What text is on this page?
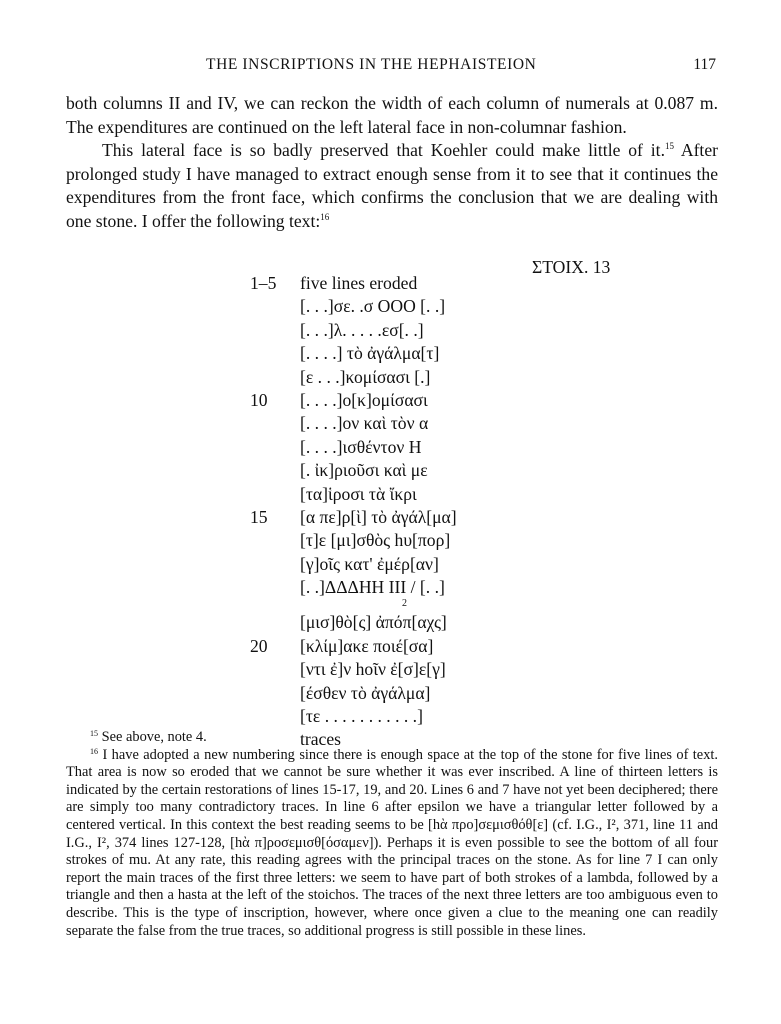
THE INSCRIPTIONS IN THE HEPHAISTEION	117

both columns II and IV, we can reckon the width of each column of numerals at 0.087 m. The expenditures are continued on the left lateral face in non-columnar fashion.

This lateral face is so badly preserved that Koehler could make little of it.$^{15}$ After prolonged study I have managed to extract enough sense from it to see that it continues the expenditures from the front face, which confirms the conclusion that we are dealing with one stone. I offer the following text:$^{16}$

ΣΤΟΙΧ. 13
1–5	five lines eroded
[. . .]σε. .σ ΟΟΟ [. .]
[. . .]λ. . . . .εσ[. .]
[. . . .] τὸ ἀγάλμα[τ]
[ε . . .]κομίσασι [.]
10	[. . . .]ο[κ]ομίσασι
[. . . .]ον καὶ τὸν α
[. . . .]ισθέντον Η
[. ἰκ]ριοῦσι καὶ με
[τα]ἱροσι τὰ ἴκρι
15	[α πε]ρ[ὶ] τὸ ἀγάλ[μα]
[τ]ε [μι]σθὸς hυ[πορ]
[γ]οῖς κατ' ἐμέρ[αν]
[. .]ΔΔΔΗΗ ΙΙΙ / [. .]
2
[μισ]θὸ[ς] ἀπόπ[αχς]
20	[κλίμ]ακε ποιέ[σα]
[ντι ἐ]ν hοῖν ἐ[σ]ε[γ]
[έσθεν τὸ ἀγάλμα]
[τε . . . . . . . . . . .]
traces

$^{15}$ See above, note 4.

$^{16}$ I have adopted a new numbering since there is enough space at the top of the stone for five lines of text. That area is now so eroded that we cannot be sure whether it was ever inscribed. A line of thirteen letters is indicated by the certain restorations of lines 15-17, 19, and 20. Lines 6 and 7 have not yet been deciphered; there are simply too many contradictory traces. In line 6 after epsilon we have a triangular letter followed by a centered vertical. In this context the best reading seems to be [hὰ προ]σεμισθόθ[ε] (cf. I.G., I², 371, line 11 and I.G., I², 374 lines 127-128, [hὰ π]ροσεμισθ[όσαμεν]). Perhaps it is even possible to see the bottom of all four strokes of mu. At any rate, this reading agrees with the principal traces on the stone. As for line 7 I can only report the main traces of the first three letters: we seem to have part of both strokes of a lambda, followed by a triangle and then a hasta at the left of the stoichos. The traces of the next three letters are too ambiguous even to describe. This is the type of inscription, however, where once given a clue to the meaning one can readily separate the false from the true traces, so additional progress is still possible in these lines.
